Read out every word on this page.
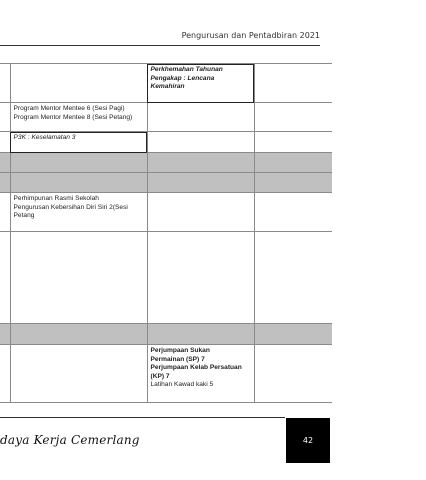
Pengurusan dan Pentadbiran 2021

		Perkhemahan Tahunan
Pengakap : Lencana
Kemahiran	

	Program Mentor Mentee 6 (Sesi Pagi)
Program Mentor Mentee 8 (Sesi Petang)		

	P3K : Keselamatan 3		

	Perhimpunan Rasmi Sekolah
Pengurusan Kebersihan Diri Siri 2(Sesi
Petang		

		Perjumpaan Sukan
Permainan (SP) 7
Perjumpaan Kelab Persatuan
(KP) 7
Latihan Kawad kaki 5	

daya Kerja Cemerlang	42
